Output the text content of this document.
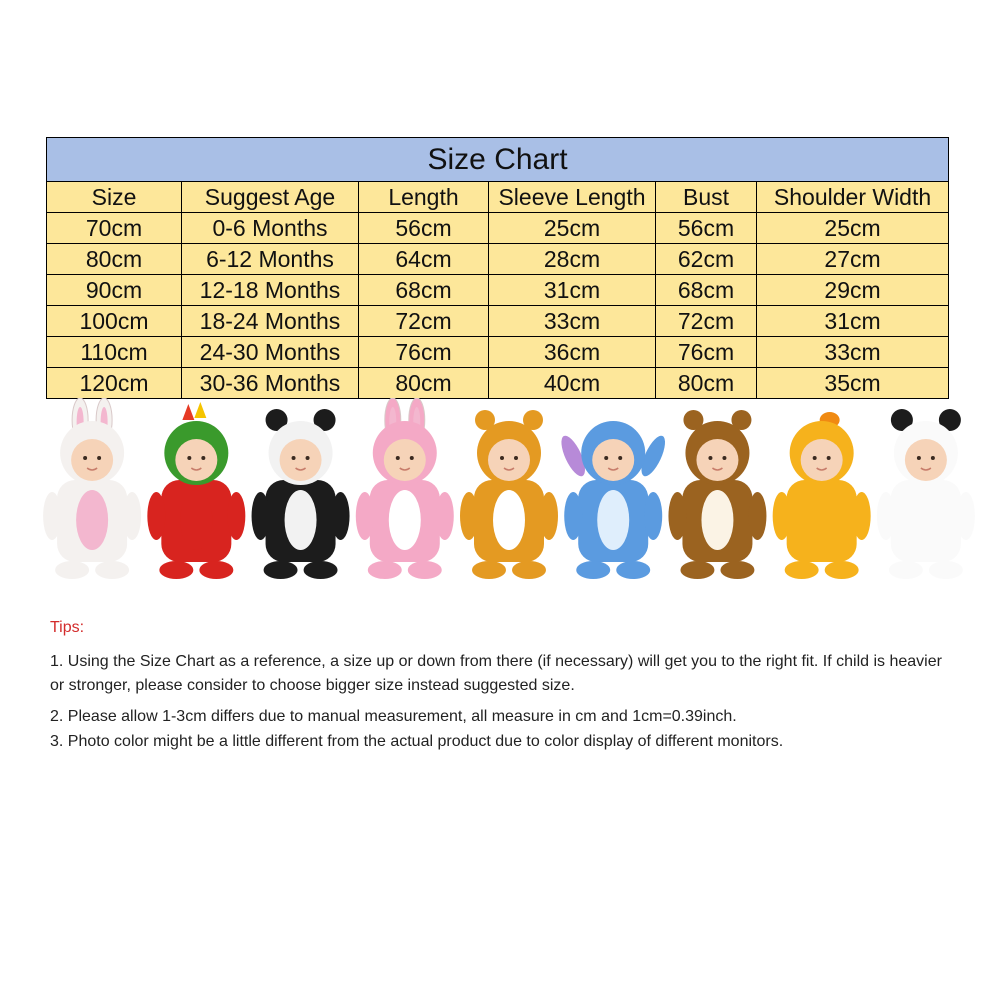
Size Chart					
Size	Suggest Age	Length	Sleeve Length	Bust	Shoulder Width
70cm	0-6 Months	56cm	25cm	56cm	25cm
80cm	6-12 Months	64cm	28cm	62cm	27cm
90cm	12-18 Months	68cm	31cm	68cm	29cm
100cm	18-24 Months	72cm	33cm	72cm	31cm
110cm	24-30 Months	76cm	36cm	76cm	33cm
120cm	30-36 Months	80cm	40cm	80cm	35cm
Tips:
1. Using the Size Chart as a reference, a size up or down from there (if necessary) will get you to the right fit. If child is heavier or stronger, please consider to choose bigger size instead suggested size.
2. Please allow 1-3cm differs due to manual measurement, all measure in cm and 1cm=0.39inch.
3. Photo color might be a little different from the actual product due to color display of different monitors.
